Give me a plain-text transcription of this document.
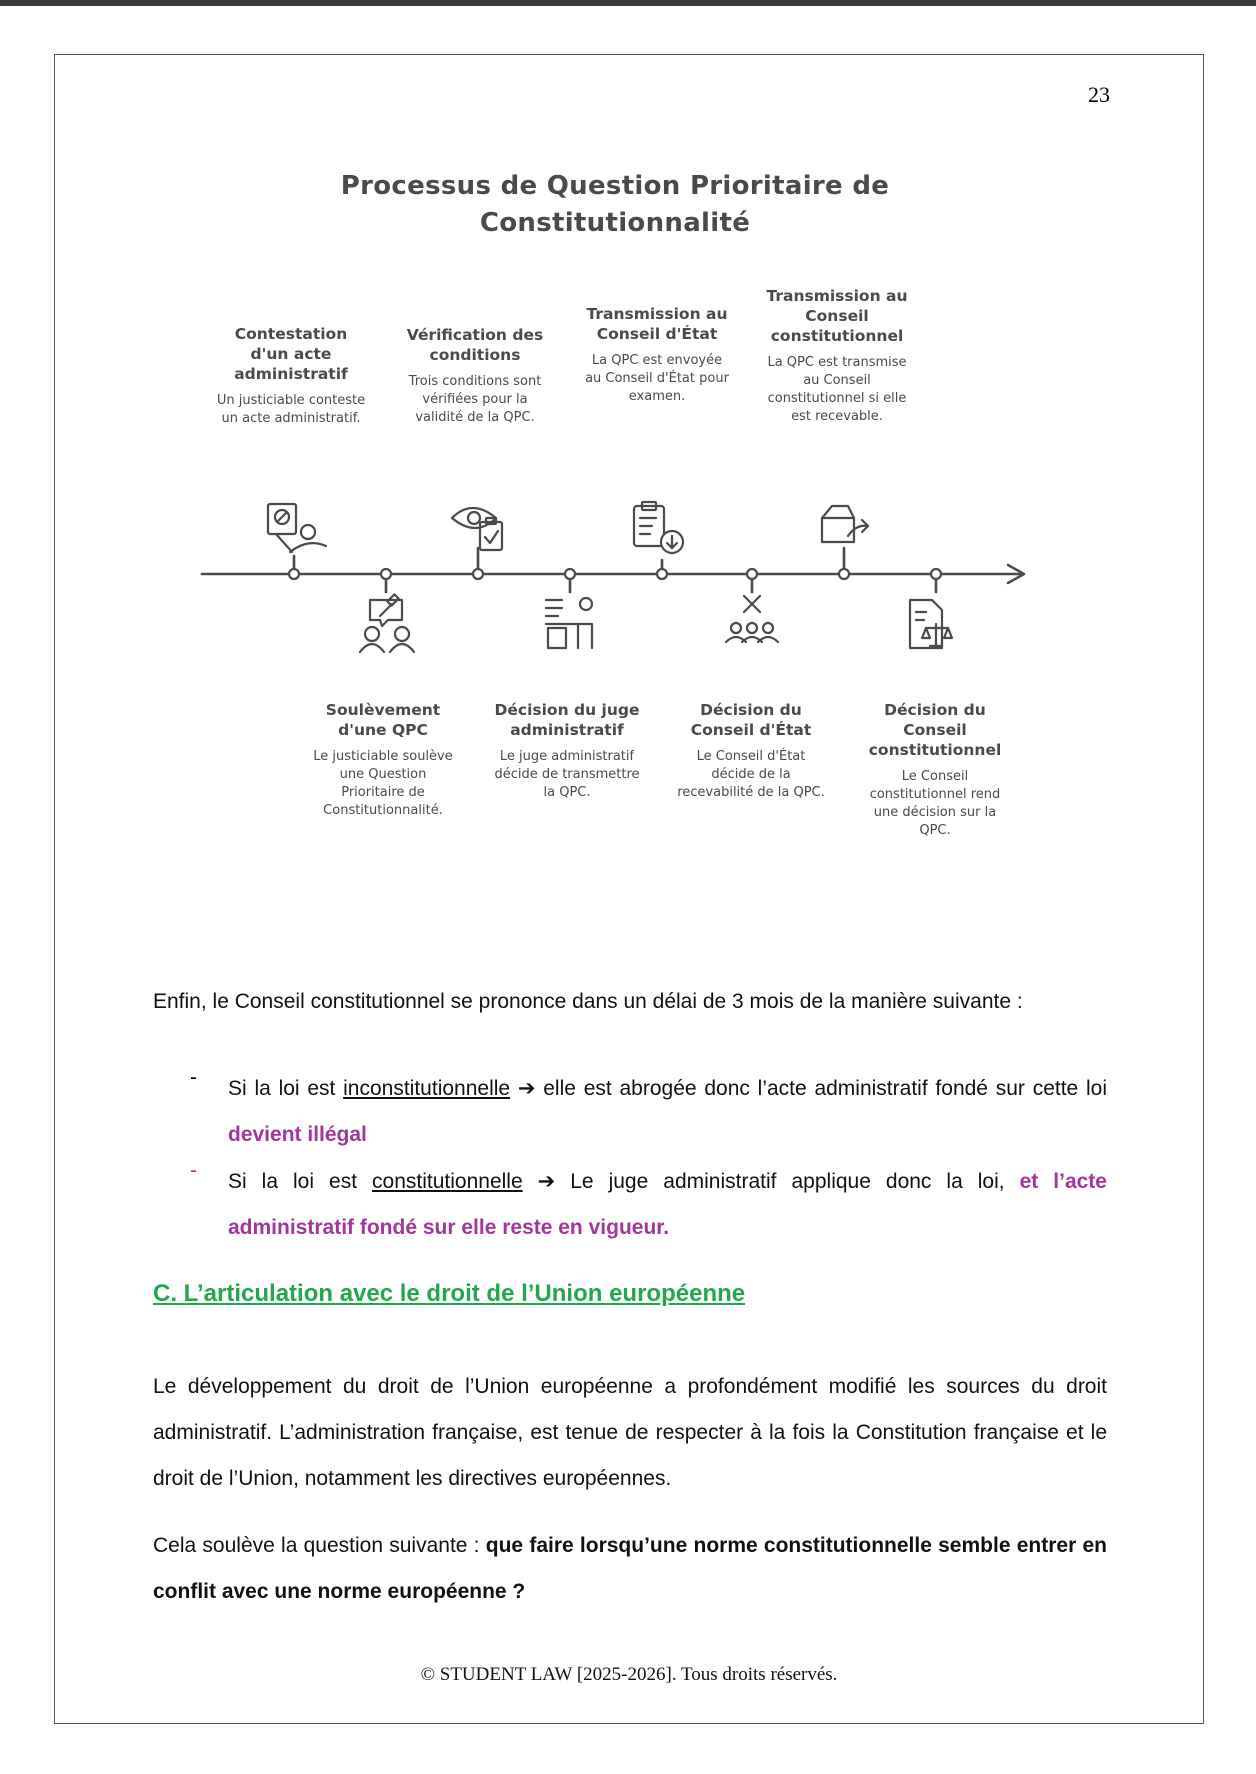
23
Processus de Question Prioritaire de
Constitutionnalité
Contestation d'un acte administratif
Un justiciable conteste un acte administratif.
Vérification des conditions
Trois conditions sont vérifiées pour la validité de la QPC.
Transmission au Conseil d'État
La QPC est envoyée au Conseil d'État pour examen.
Transmission au Conseil constitutionnel
La QPC est transmise au Conseil constitutionnel si elle est recevable.
Soulèvement d'une QPC
Le justiciable soulève une Question Prioritaire de Constitutionnalité.
Décision du juge administratif
Le juge administratif décide de transmettre la QPC.
Décision du Conseil d'État
Le Conseil d'État décide de la recevabilité de la QPC.
Décision du Conseil constitutionnel
Le Conseil constitutionnel rend une décision sur la QPC.
Enfin, le Conseil constitutionnel se prononce dans un délai de 3 mois de la manière suivante :
- Si la loi est inconstitutionnelle ➔ elle est abrogée donc l’acte administratif fondé sur cette loi devient illégal
- Si la loi est constitutionnelle ➔ Le juge administratif applique donc la loi, et l’acte administratif fondé sur elle reste en vigueur.
C. L’articulation avec le droit de l’Union européenne
Le développement du droit de l’Union européenne a profondément modifié les sources du droit administratif. L’administration française, est tenue de respecter à la fois la Constitution française et le droit de l’Union, notamment les directives européennes.
Cela soulève la question suivante : que faire lorsqu’une norme constitutionnelle semble entrer en conflit avec une norme européenne ?
© STUDENT LAW [2025-2026]. Tous droits réservés.
